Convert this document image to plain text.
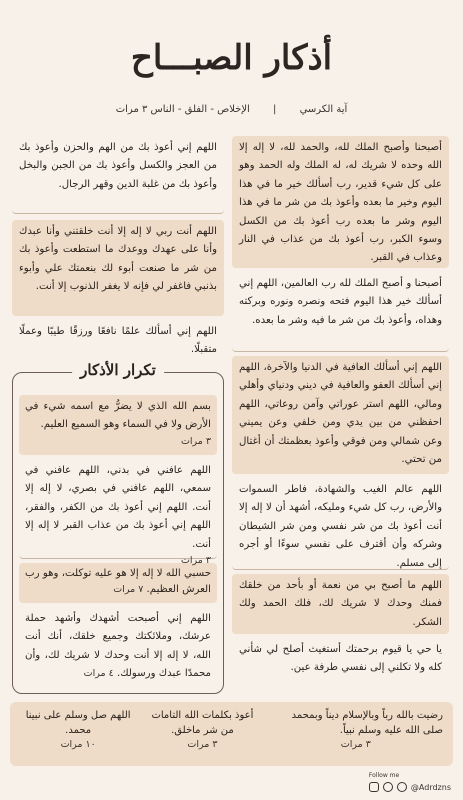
أذكار الصبـــاح
آية الكرسي | الإخلاص - الفلق - الناس ٣ مرات
أصبحنا وأصبح الملك لله، والحمد لله، لا إله إلا الله وحده لا شريك له، له الملك وله الحمد وهو على كل شيء قدير، رب أسألك خير ما في هذا اليوم وخير ما بعده وأعوذ بك من شر ما في هذا اليوم وشر ما بعده رب أعوذ بك من الكسل وسوء الكبر، رب أعوذ بك من عذاب في النار وعذاب في القبر.
أصبحنا و أصبح الملك لله رب العالمين، اللهم إني أسألك خير هذا اليوم فتحه ونصره ونوره وبركته وهداه، وأعوذ بك من شر ما فيه وشر ما بعده.
اللهم إني أسألك العافية في الدنيا والآخرة، اللهم إني أسألك العفو والعافية في ديني ودنياي وأهلي ومالي، اللهم استر عوراتي وآمن روعاتي، اللهم احفظني من بين يدي ومن خلفي وعن يميني وعن شمالي ومن فوقي وأعوذ بعظمتك أن أغتال من تحتي.
اللهم عالم الغيب والشهادة، فاطر السموات والأرض، رب كل شيء ومليكه، أشهد أن لا إله إلا أنت أعوذ بك من شر نفسي ومن شر الشيطان وشركه وأن أقترف على نفسي سوءًا أو أجره إلى مسلم.
اللهم ما أصبح بي من نعمة أو بأحد من خلقك فمنك وحدك لا شريك لك، فلك الحمد ولك الشكر.
يا حي يا قيوم برحمتك أستغيث أصلح لي شأني كله ولا تكلني إلى نفسي طرفة عين.
اللهم إني أعوذ بك من الهم والحزن وأعوذ بك من العجز والكسل وأعوذ بك من الجبن والبخل وأعوذ بك من غلبة الدين وقهر الرجال.
اللهم أنت ربي لا إله إلا أنت خلقتني وأنا عبدك وأنا على عهدك ووعدك ما استطعت وأعوذ بك من شر ما صنعت أبوء لك بنعمتك علي وأبوء بذنبي فاغفر لي فإنه لا يغفر الذنوب إلا أنت.
اللهم إني أسألك علمًا نافعًا ورزقًا طيبًا وعملًا متقبلًا.
تكرار الأذكار
بسم الله الذي لا يضرُّ مع اسمه شيء في الأرض ولا في السماء وهو السميع العليم.
٣ مرات
اللهم عافني في بدني، اللهم عافني في سمعي، اللهم عافني في بصري، لا إله إلا أنت. اللهم إني أعوذ بك من الكفر، والفقر، اللهم إني أعوذ بك من عذاب القبر لا إله إلا أنت.
٣ مرات
حسبي الله لا إله إلا هو عليه توكلت، وهو رب العرش العظيم. ٧ مرات
اللهم إني أصبحت أشهدك وأشهد حملة عرشك، وملائكتك وجميع خلقك، أنك أنت الله، لا إله إلا أنت وحدك لا شريك لك، وأن محمدًا عبدك ورسولك. ٤ مرات
رضيت بالله رباً وبالإسلام ديناً وبمحمد صلى الله عليه وسلم نبياً.
٣ مرات
أعوذ بكلمات الله التامات من شر ماخلق.
٣ مرات
اللهم صل وسلم على نبينا محمد.
١٠ مرات
Follow me
@Adrdzns
